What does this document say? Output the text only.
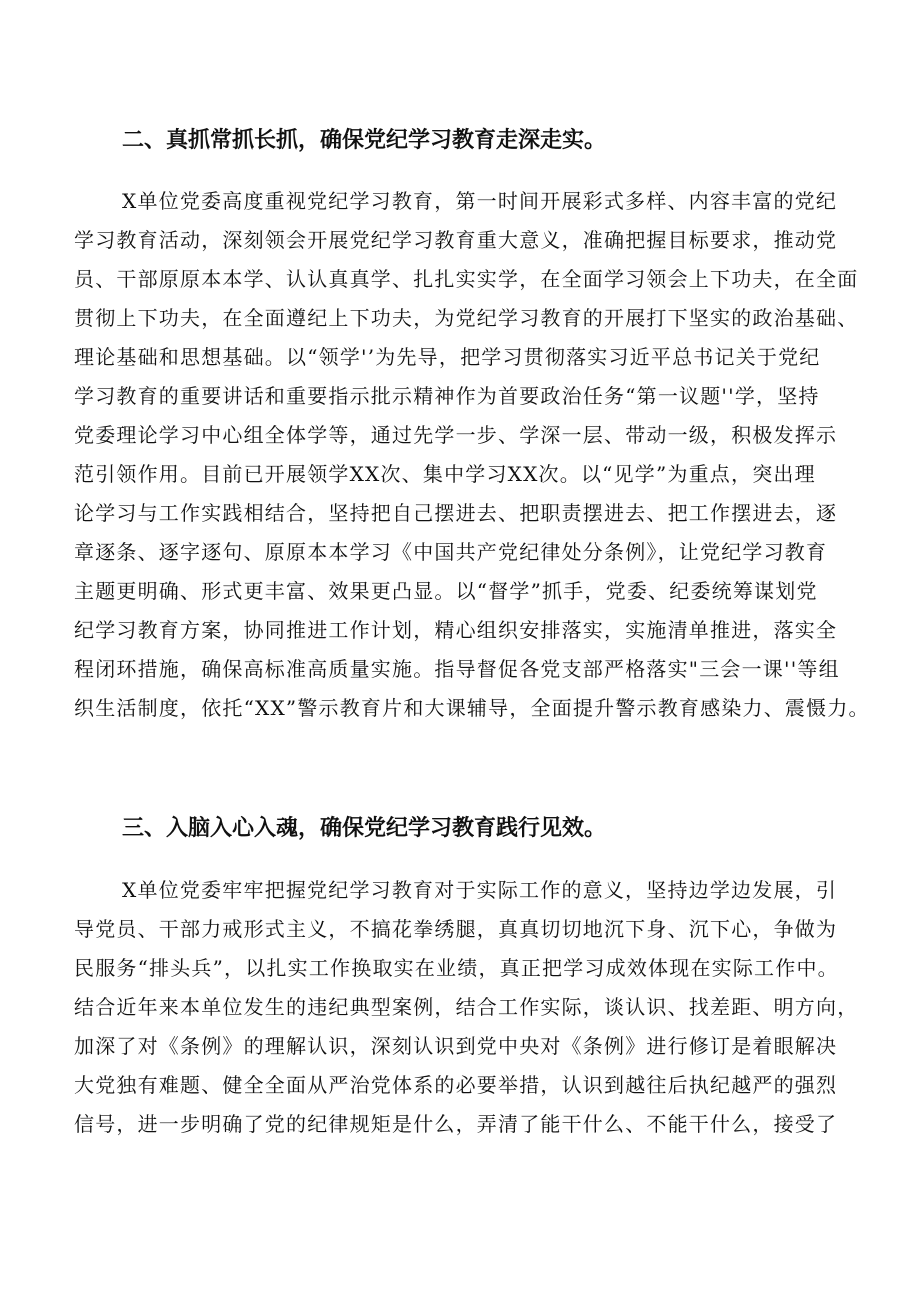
二、真抓常抓长抓，确保党纪学习教育走深走实。
X单位党委高度重视党纪学习教育，第一时间开展彩式多样、内容丰富的党纪
学习教育活动，深刻领会开展党纪学习教育重大意义，准确把握目标要求，推动党
员、干部原原本本学、认认真真学、扎扎实实学，在全面学习领会上下功夫，在全面
贯彻上下功夫，在全面遵纪上下功夫，为党纪学习教育的开展打下坚实的政治基础、
理论基础和思想基础。以“领学'’为先导，把学习贯彻落实习近平总书记关于党纪
学习教育的重要讲话和重要指示批示精神作为首要政治任务“第一议题''学，坚持
党委理论学习中心组全体学等，通过先学一步、学深一层、带动一级，积极发挥示
范引领作用。目前已开展领学XX次、集中学习XX次。以“见学”为重点，突出理
论学习与工作实践相结合，坚持把自己摆进去、把职责摆进去、把工作摆进去，逐
章逐条、逐字逐句、原原本本学习《中国共产党纪律处分条例》，让党纪学习教育
主题更明确、形式更丰富、效果更凸显。以“督学”抓手，党委、纪委统筹谋划党
纪学习教育方案，协同推进工作计划，精心组织安排落实，实施清单推进，落实全
程闭环措施，确保高标准高质量实施。指导督促各党支部严格落实"三会一课''等组
织生活制度，依托“XX”警示教育片和大课辅导，全面提升警示教育感染力、震慑力。
三、入脑入心入魂，确保党纪学习教育践行见效。
X单位党委牢牢把握党纪学习教育对于实际工作的意义，坚持边学边发展，引
导党员、干部力戒形式主义，不搞花拳绣腿，真真切切地沉下身、沉下心，争做为
民服务“排头兵”，以扎实工作换取实在业绩，真正把学习成效体现在实际工作中。
结合近年来本单位发生的违纪典型案例，结合工作实际，谈认识、找差距、明方向，
加深了对《条例》的理解认识，深刻认识到党中央对《条例》进行修订是着眼解决
大党独有难题、健全全面从严治党体系的必要举措，认识到越往后执纪越严的强烈
信号，进一步明确了党的纪律规矩是什么，弄清了能干什么、不能干什么，接受了
